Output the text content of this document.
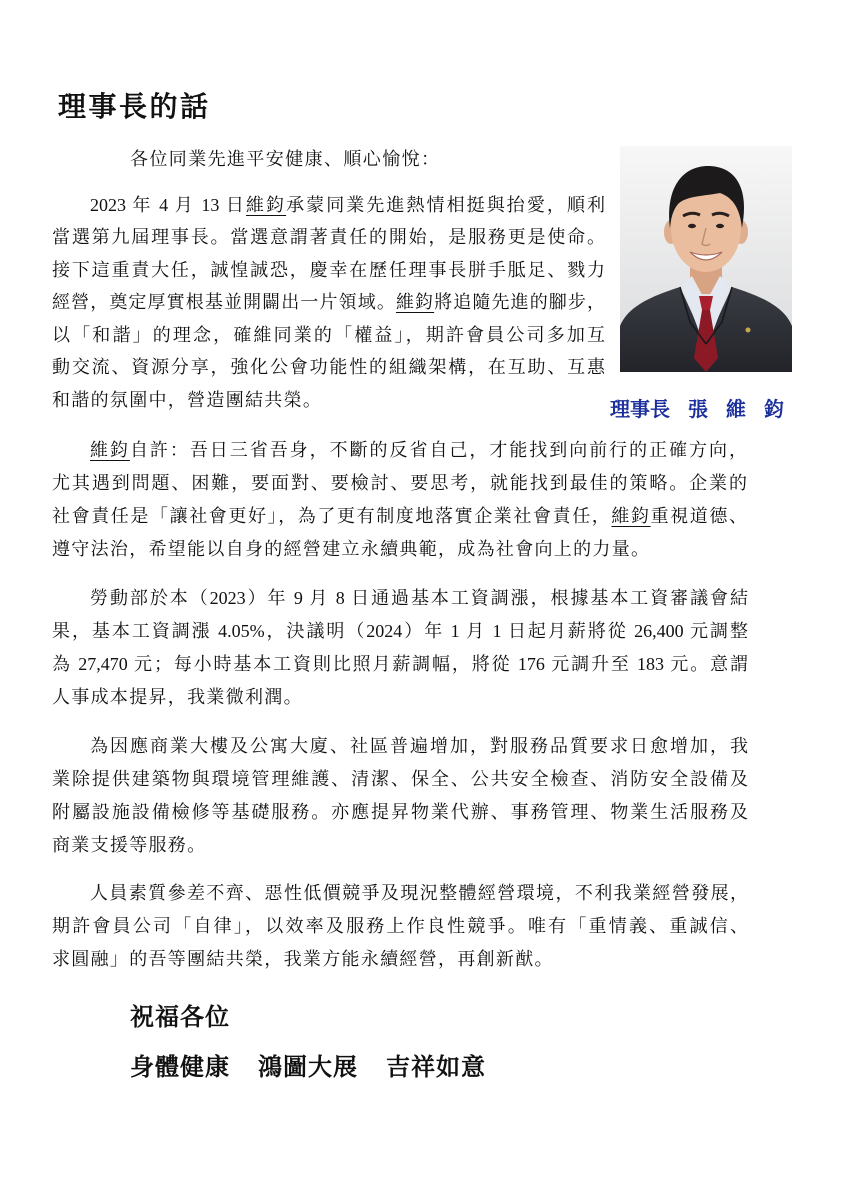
理事長的話
各位同業先進平安健康、順心愉悅：
理事長 張 維 鈞
2023 年 4 月 13 日維鈞承蒙同業先進熱情相挺與抬愛，順利
當選第九屆理事長。當選意謂著責任的開始，是服務更是使命。
接下這重責大任，誠惶誠恐，慶幸在歷任理事長胼手胝足、戮力
經營，奠定厚實根基並開闢出一片領域。維鈞將追隨先進的腳步，
以「和諧」的理念，確維同業的「權益」，期許會員公司多加互
動交流、資源分享，強化公會功能性的組織架構，在互助、互惠
和諧的氛圍中，營造團結共榮。
維鈞自許：吾日三省吾身，不斷的反省自己，才能找到向前行的正確方向，
尤其遇到問題、困難，要面對、要檢討、要思考，就能找到最佳的策略。企業的
社會責任是「讓社會更好」，為了更有制度地落實企業社會責任，維鈞重視道德、
遵守法治，希望能以自身的經營建立永續典範，成為社會向上的力量。
勞動部於本（2023）年 9 月 8 日通過基本工資調漲，根據基本工資審議會結
果，基本工資調漲 4.05%，決議明（2024）年 1 月 1 日起月薪將從 26,400 元調整
為 27,470 元；每小時基本工資則比照月薪調幅，將從 176 元調升至 183 元。意謂
人事成本提昇，我業微利潤。
為因應商業大樓及公寓大廈、社區普遍增加，對服務品質要求日愈增加，我
業除提供建築物與環境管理維護、清潔、保全、公共安全檢查、消防安全設備及
附屬設施設備檢修等基礎服務。亦應提昇物業代辦、事務管理、物業生活服務及
商業支援等服務。
人員素質參差不齊、惡性低價競爭及現況整體經營環境，不利我業經營發展，
期許會員公司「自律」，以效率及服務上作良性競爭。唯有「重情義、重誠信、
求圓融」的吾等團結共榮，我業方能永續經營，再創新猷。
祝福各位
身體健康 鴻圖大展 吉祥如意
